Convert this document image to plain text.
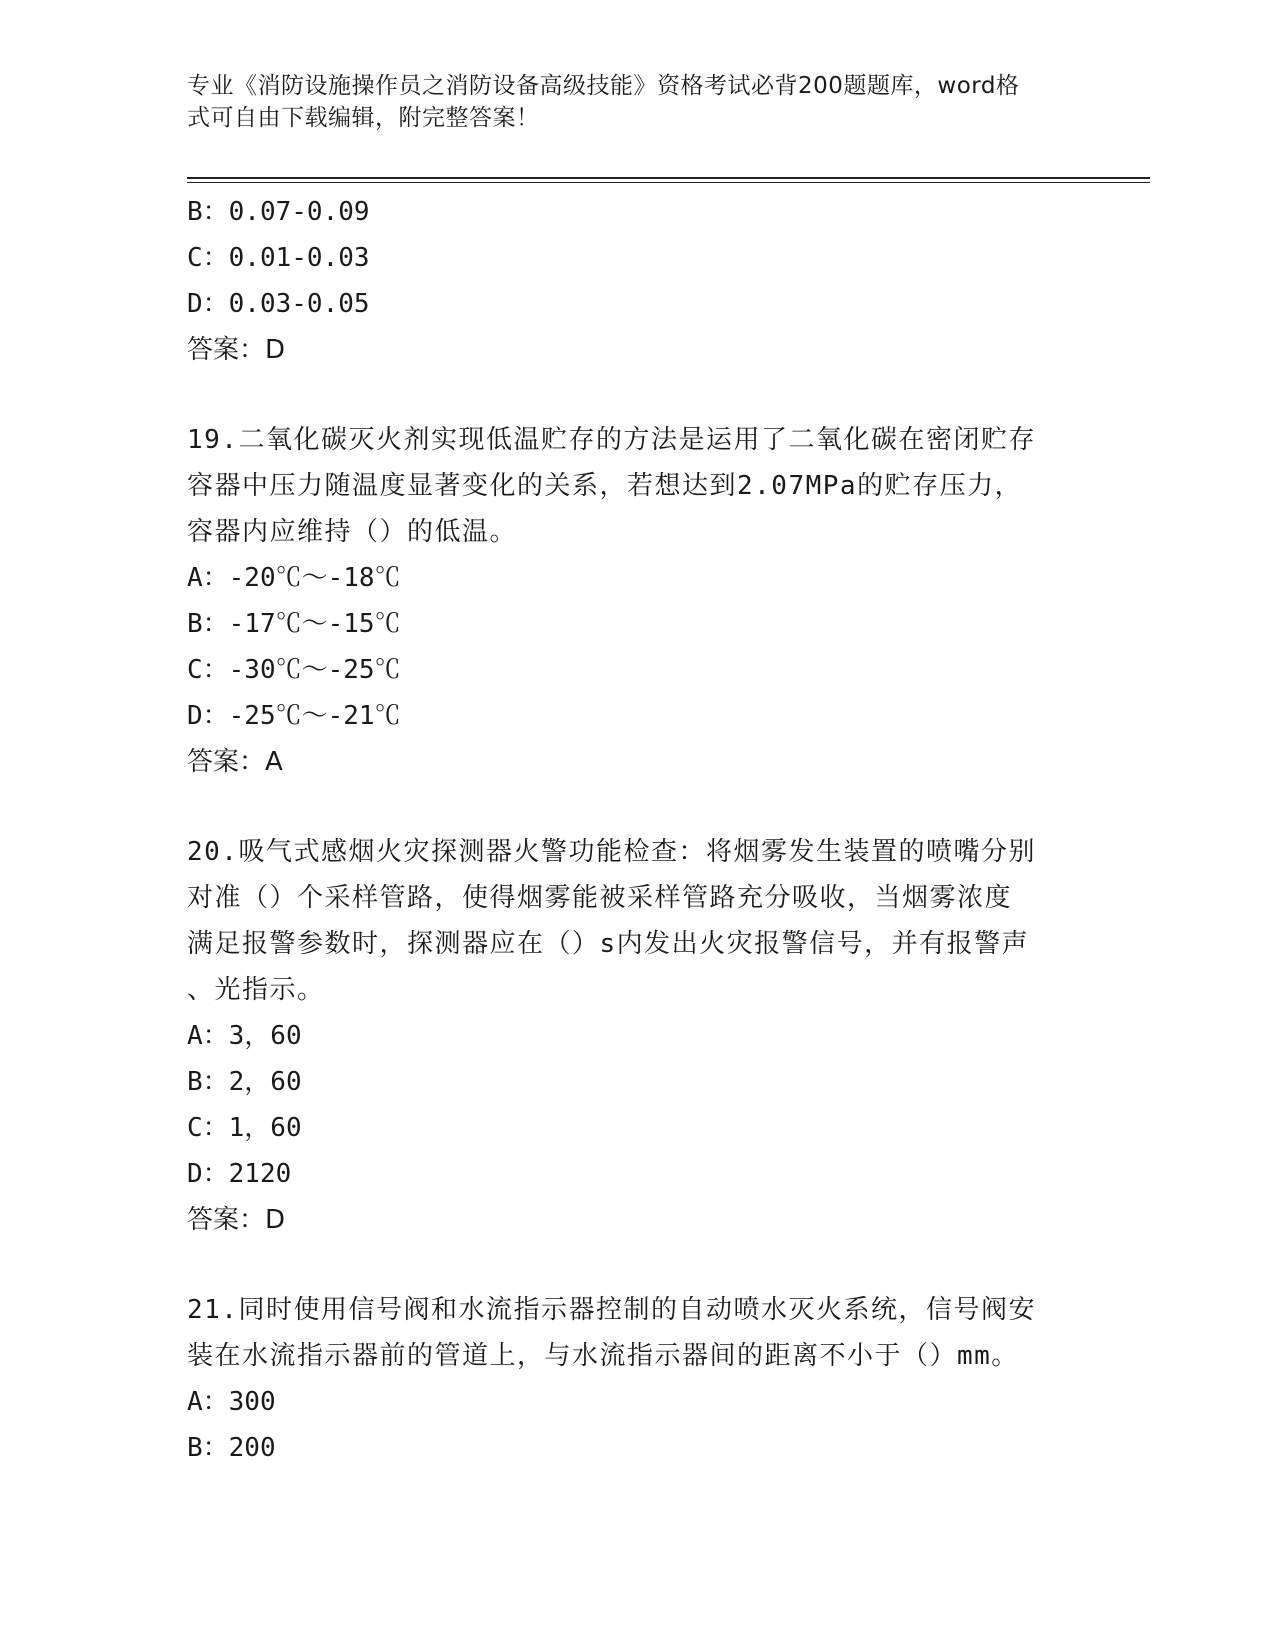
专业《消防设施操作员之消防设备高级技能》资格考试必背200题题库，word格
式可自由下载编辑，附完整答案！
B：0.07-0.09
C：0.01-0.03
D：0.03-0.05
答案：D
19.二氧化碳灭火剂实现低温贮存的方法是运用了二氧化碳在密闭贮存
容器中压力随温度显著变化的关系，若想达到2.07MPa的贮存压力，
容器内应维持（）的低温。
A：-20℃～-18℃
B：-17℃～-15℃
C：-30℃～-25℃
D：-25℃～-21℃
答案：A
20.吸气式感烟火灾探测器火警功能检查：将烟雾发生装置的喷嘴分别
对准（）个采样管路，使得烟雾能被采样管路充分吸收，当烟雾浓度
满足报警参数时，探测器应在（）s内发出火灾报警信号，并有报警声
、光指示。
A：3，60
B：2，60
C：1，60
D：2120
答案：D
21.同时使用信号阀和水流指示器控制的自动喷水灭火系统，信号阀安
装在水流指示器前的管道上，与水流指示器间的距离不小于（）mm。
A：300
B：200
